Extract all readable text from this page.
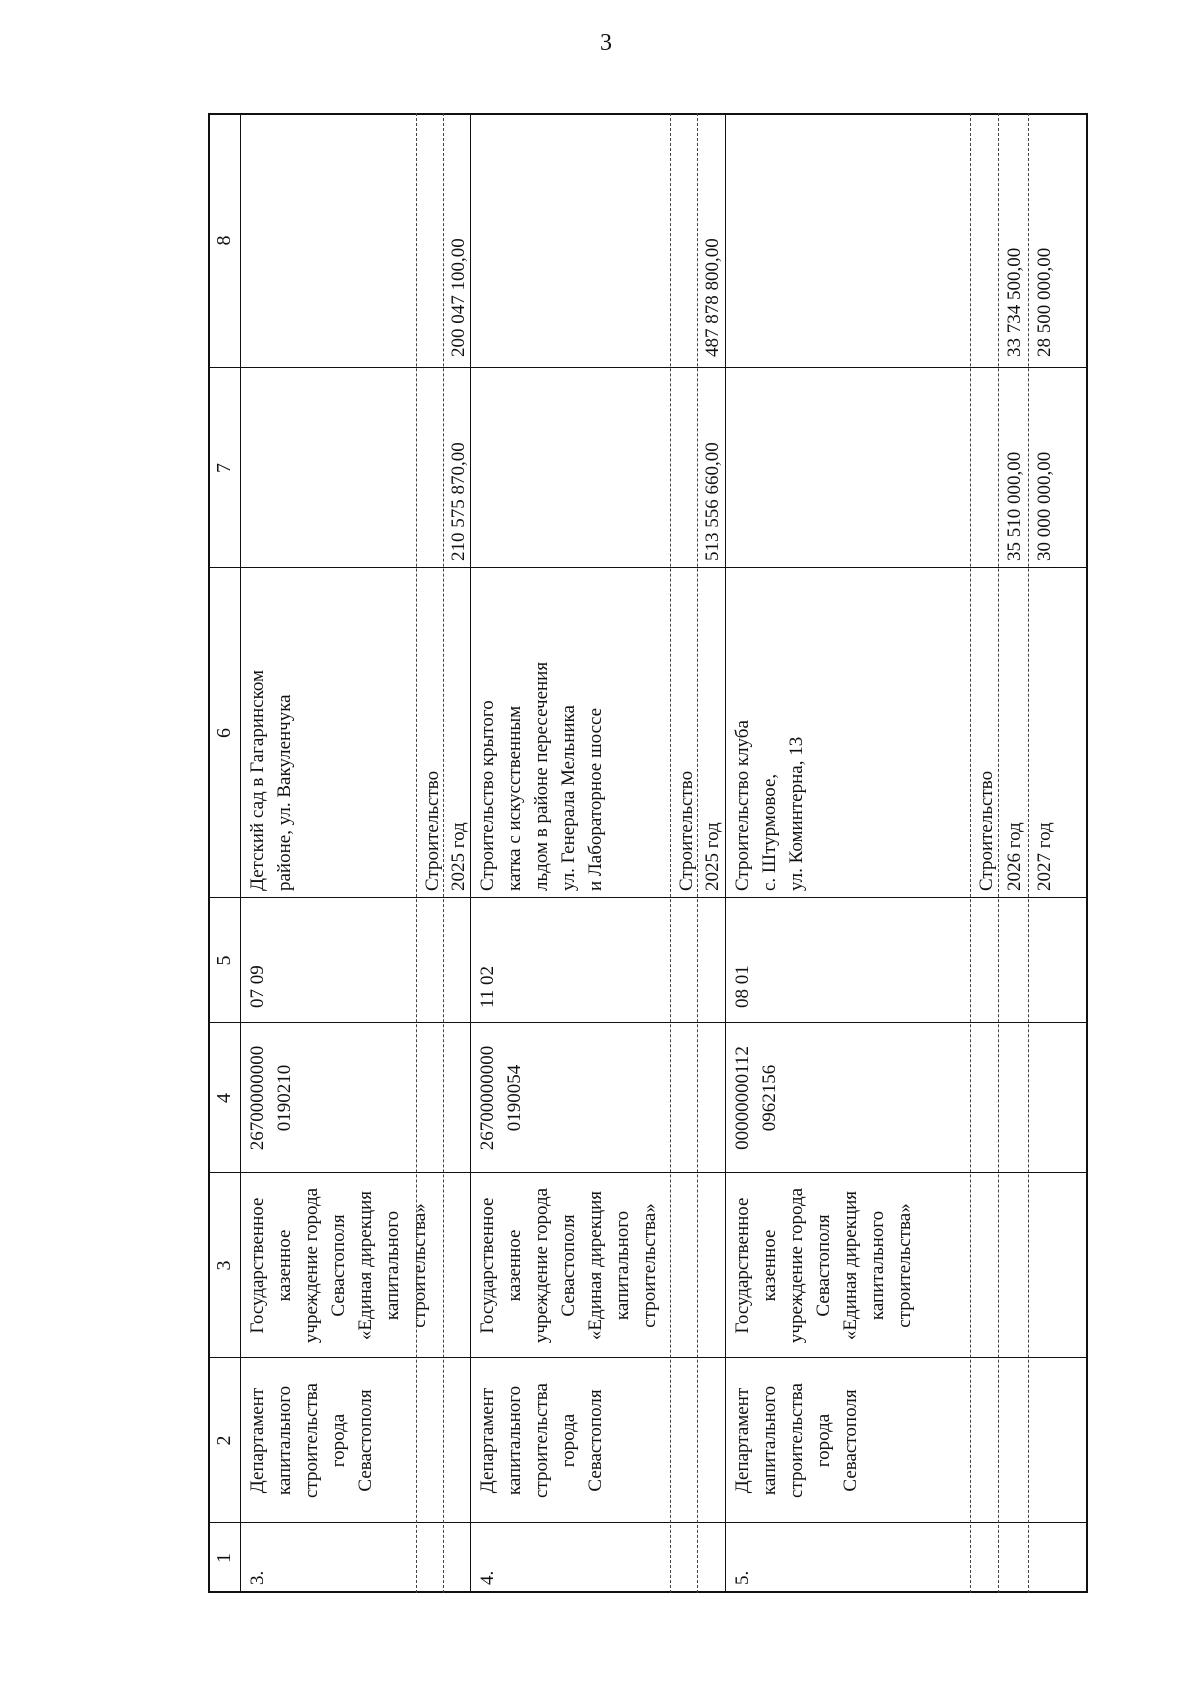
3
1
2
3
4
5
6
7
8
3.
Департамент
капитального
строительства
города
Севастополя
Государственное
казенное
учреждение города
Севастополя
«Единая дирекция
капитального
строительства»
26700000000
0190210
07 09
Детский сад в Гагаринском
районе, ул. Вакуленчука
Строительство 2025 год
210 575 870,00
200 047 100,00
4.
Департамент
капитального
строительства
города
Севастополя
Государственное
казенное
учреждение города
Севастополя
«Единая дирекция
капитального
строительства»
26700000000
0190054
11 02
Строительство крытого
катка с искусственным
льдом в районе пересечения
ул. Генерала Мельника
и Лабораторное шоссе
Строительство 2025 год
513 556 660,00
487 878 800,00
5.
Департамент
капитального
строительства
города
Севастополя
Государственное
казенное
учреждение города
Севастополя
«Единая дирекция
капитального
строительства»
00000000112
0962156
08 01
Строительство клуба
с. Штурмовое,
ул. Коминтерна, 13
Строительство 2026 год
35 510 000,00
33 734 500,00
2027 год
30 000 000,00
28 500 000,00
